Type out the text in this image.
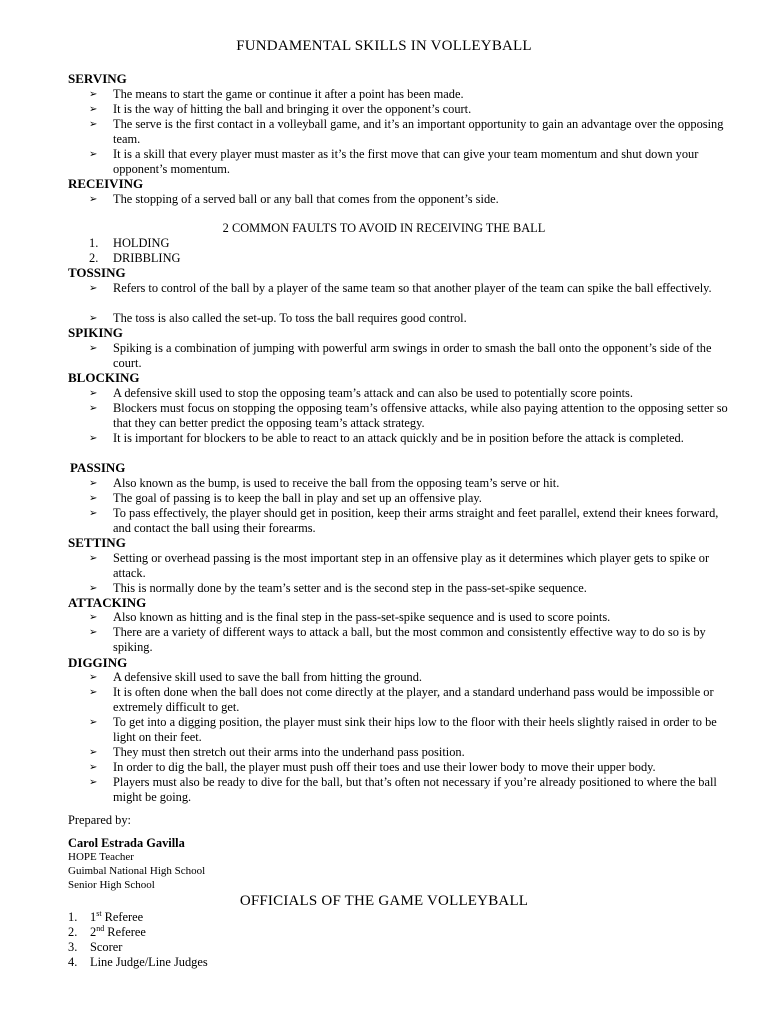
FUNDAMENTAL SKILLS IN VOLLEYBALL
SERVING
➢ The means to start the game or continue it after a point has been made.
➢ It is the way of hitting the ball and bringing it over the opponent’s court.
➢ The serve is the first contact in a volleyball game, and it’s an important opportunity to gain an advantage over the opposing team.
➢ It is a skill that every player must master as it’s the first move that can give your team momentum and shut down your opponent’s momentum.
RECEIVING
➢ The stopping of a served ball or any ball that comes from the opponent’s side.
2 COMMON FAULTS TO AVOID IN RECEIVING THE BALL
1. HOLDING
2. DRIBBLING
TOSSING
➢ Refers to control of the ball by a player of the same team so that another player of the team can spike the ball effectively.
➢ The toss is also called the set-up. To toss the ball requires good control.
SPIKING
➢ Spiking is a combination of jumping with powerful arm swings in order to smash the ball onto the opponent’s side of the court.
BLOCKING
➢ A defensive skill used to stop the opposing team’s attack and can also be used to potentially score points.
➢ Blockers must focus on stopping the opposing team’s offensive attacks, while also paying attention to the opposing setter so that they can better predict the opposing team’s attack strategy.
➢ It is important for blockers to be able to react to an attack quickly and be in position before the attack is completed.
PASSING
➢ Also known as the bump, is used to receive the ball from the opposing team’s serve or hit.
➢ The goal of passing is to keep the ball in play and set up an offensive play.
➢ To pass effectively, the player should get in position, keep their arms straight and feet parallel, extend their knees forward, and contact the ball using their forearms.
SETTING
➢ Setting or overhead passing is the most important step in an offensive play as it determines which player gets to spike or attack.
➢ This is normally done by the team’s setter and is the second step in the pass-set-spike sequence.
ATTACKING
➢ Also known as hitting and is the final step in the pass-set-spike sequence and is used to score points.
➢ There are a variety of different ways to attack a ball, but the most common and consistently effective way to do so is by spiking.
DIGGING
➢ A defensive skill used to save the ball from hitting the ground.
➢ It is often done when the ball does not come directly at the player, and a standard underhand pass would be impossible or extremely difficult to get.
➢ To get into a digging position, the player must sink their hips low to the floor with their heels slightly raised in order to be light on their feet.
➢ They must then stretch out their arms into the underhand pass position.
➢ In order to dig the ball, the player must push off their toes and use their lower body to move their upper body.
➢ Players must also be ready to dive for the ball, but that’s often not necessary if you’re already positioned to where the ball might be going.
Prepared by:
Carol Estrada Gavilla
HOPE Teacher
Guimbal National High School
Senior High School
OFFICIALS OF THE GAME VOLLEYBALL
1. 1st Referee
2. 2nd Referee
3. Scorer
4. Line Judge/Line Judges
